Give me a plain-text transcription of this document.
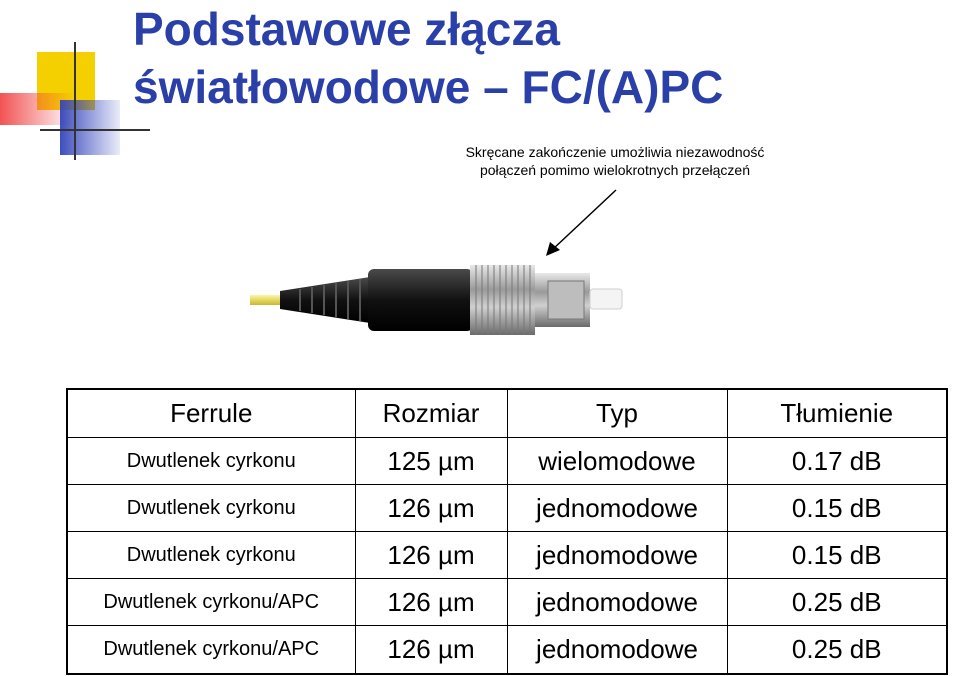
Podstawowe złącza
światłowodowe – FC/(A)PC
Skręcane zakończenie umożliwia niezawodność
połączeń pomimo wielokrotnych przełączeń
Ferrule	Rozmiar	Typ	Tłumienie
Dwutlenek cyrkonu	125 µm	wielomodowe	0.17 dB
Dwutlenek cyrkonu	126 µm	jednomodowe	0.15 dB
Dwutlenek cyrkonu	126 µm	jednomodowe	0.15 dB
Dwutlenek cyrkonu/APC	126 µm	jednomodowe	0.25 dB
Dwutlenek cyrkonu/APC	126 µm	jednomodowe	0.25 dB
